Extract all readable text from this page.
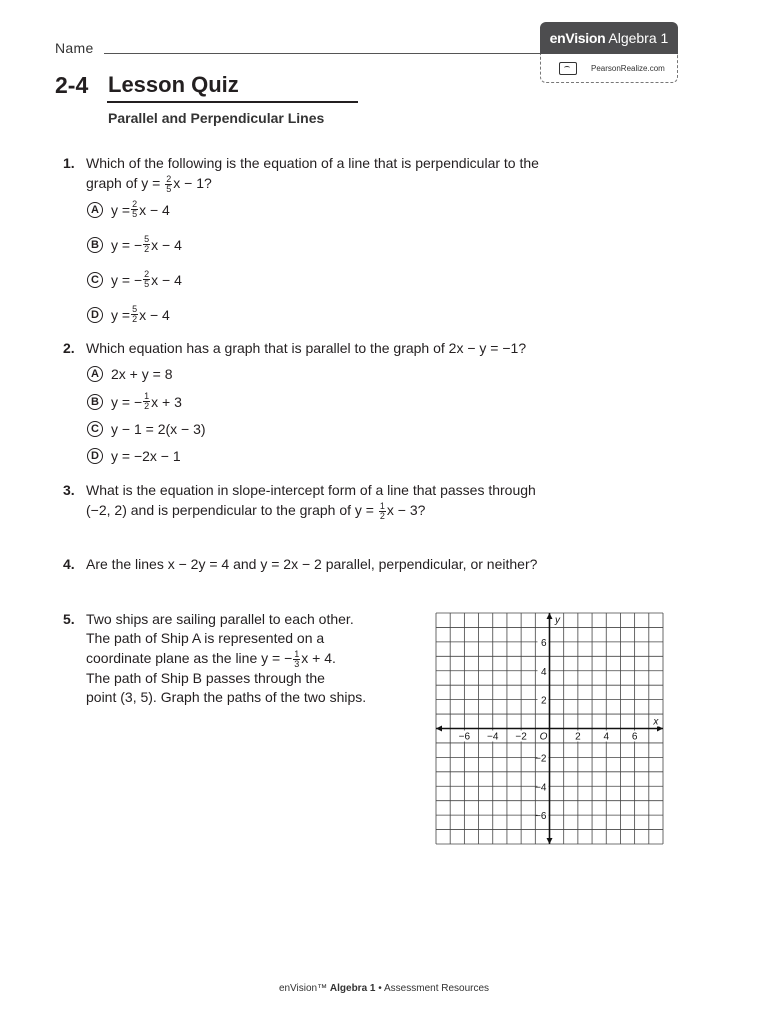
Name
enVision Algebra 1
PearsonRealize.com
2-4 Lesson Quiz
Parallel and Perpendicular Lines
1. Which of the following is the equation of a line that is perpendicular to the
graph of $y = \frac{2}{5}$ x − 1?
A $y = \frac{2}{5}$ x − 4
B y = − $\frac{5}{2}$ x − 4
C y = − $\frac{2}{5}$ x − 4
D $y = \frac{5}{2}$ x − 4
2. Which equation has a graph that is parallel to the graph of 2x − y = −1?
A 2x + y = 8
B y = − $\frac{1}{2}$ x + 3
C y − 1 = 2(x − 3)
D y = −2x − 1
3. What is the equation in slope-intercept form of a line that passes through
(−2, 2) and is perpendicular to the graph of $y = \frac{1}{2}$ x − 3?
4. Are the lines x − 2y = 4 and y = 2x − 2 parallel, perpendicular, or neither?
5. Two ships are sailing parallel to each other.
The path of Ship A is represented on a
coordinate plane as the line y = − $\frac{1}{3}$ x + 4.
The path of Ship B passes through the
point (3, 5). Graph the paths of the two ships.
−6 −4 −2	2 4 6
6
4
2
−2
−4
−6
O
x
y
enVision™ Algebra 1 • Assessment Resources
